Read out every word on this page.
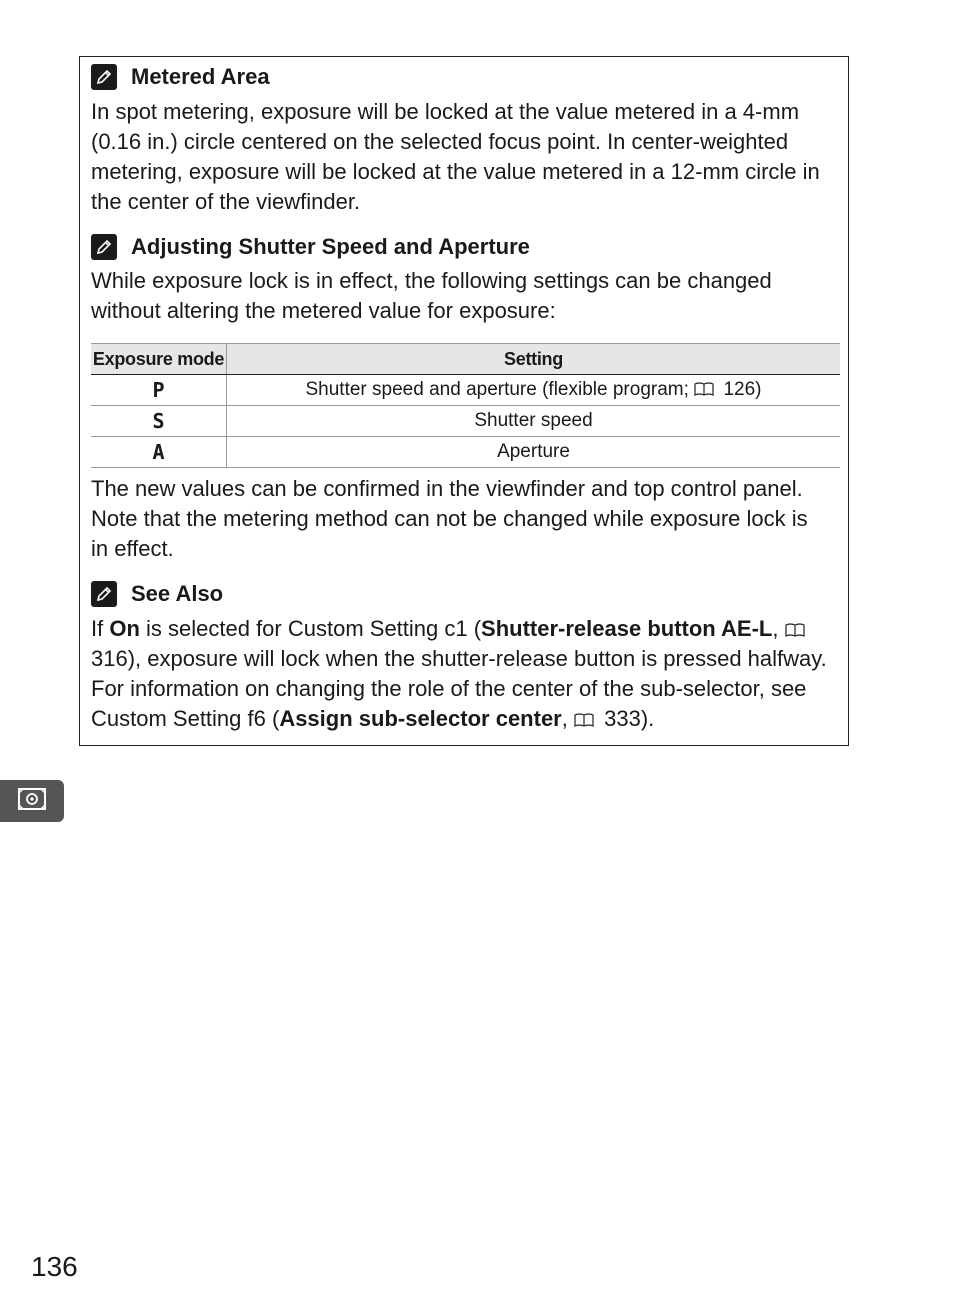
Metered Area

In spot metering, exposure will be locked at the value metered in a 4-mm (0.16 in.) circle centered on the selected focus point. In center-weighted metering, exposure will be locked at the value metered in a 12-mm circle in the center of the viewfinder.

Adjusting Shutter Speed and Aperture

While exposure lock is in effect, the following settings can be changed without altering the metered value for exposure:

Exposure mode	Setting
P	Shutter speed and aperture (flexible program;
126)
S	Shutter speed
A	Aperture

The new values can be confirmed in the viewfinder and top control panel. Note that the metering method can not be changed while exposure lock is in effect.

See Also

If On is selected for Custom Setting c1 (Shutter-release button AE-L,
316), exposure will lock when the shutter-release button is pressed halfway. For information on changing the role of the center of the sub-selector, see Custom Setting f6 (Assign sub-selector center,
333).

136
